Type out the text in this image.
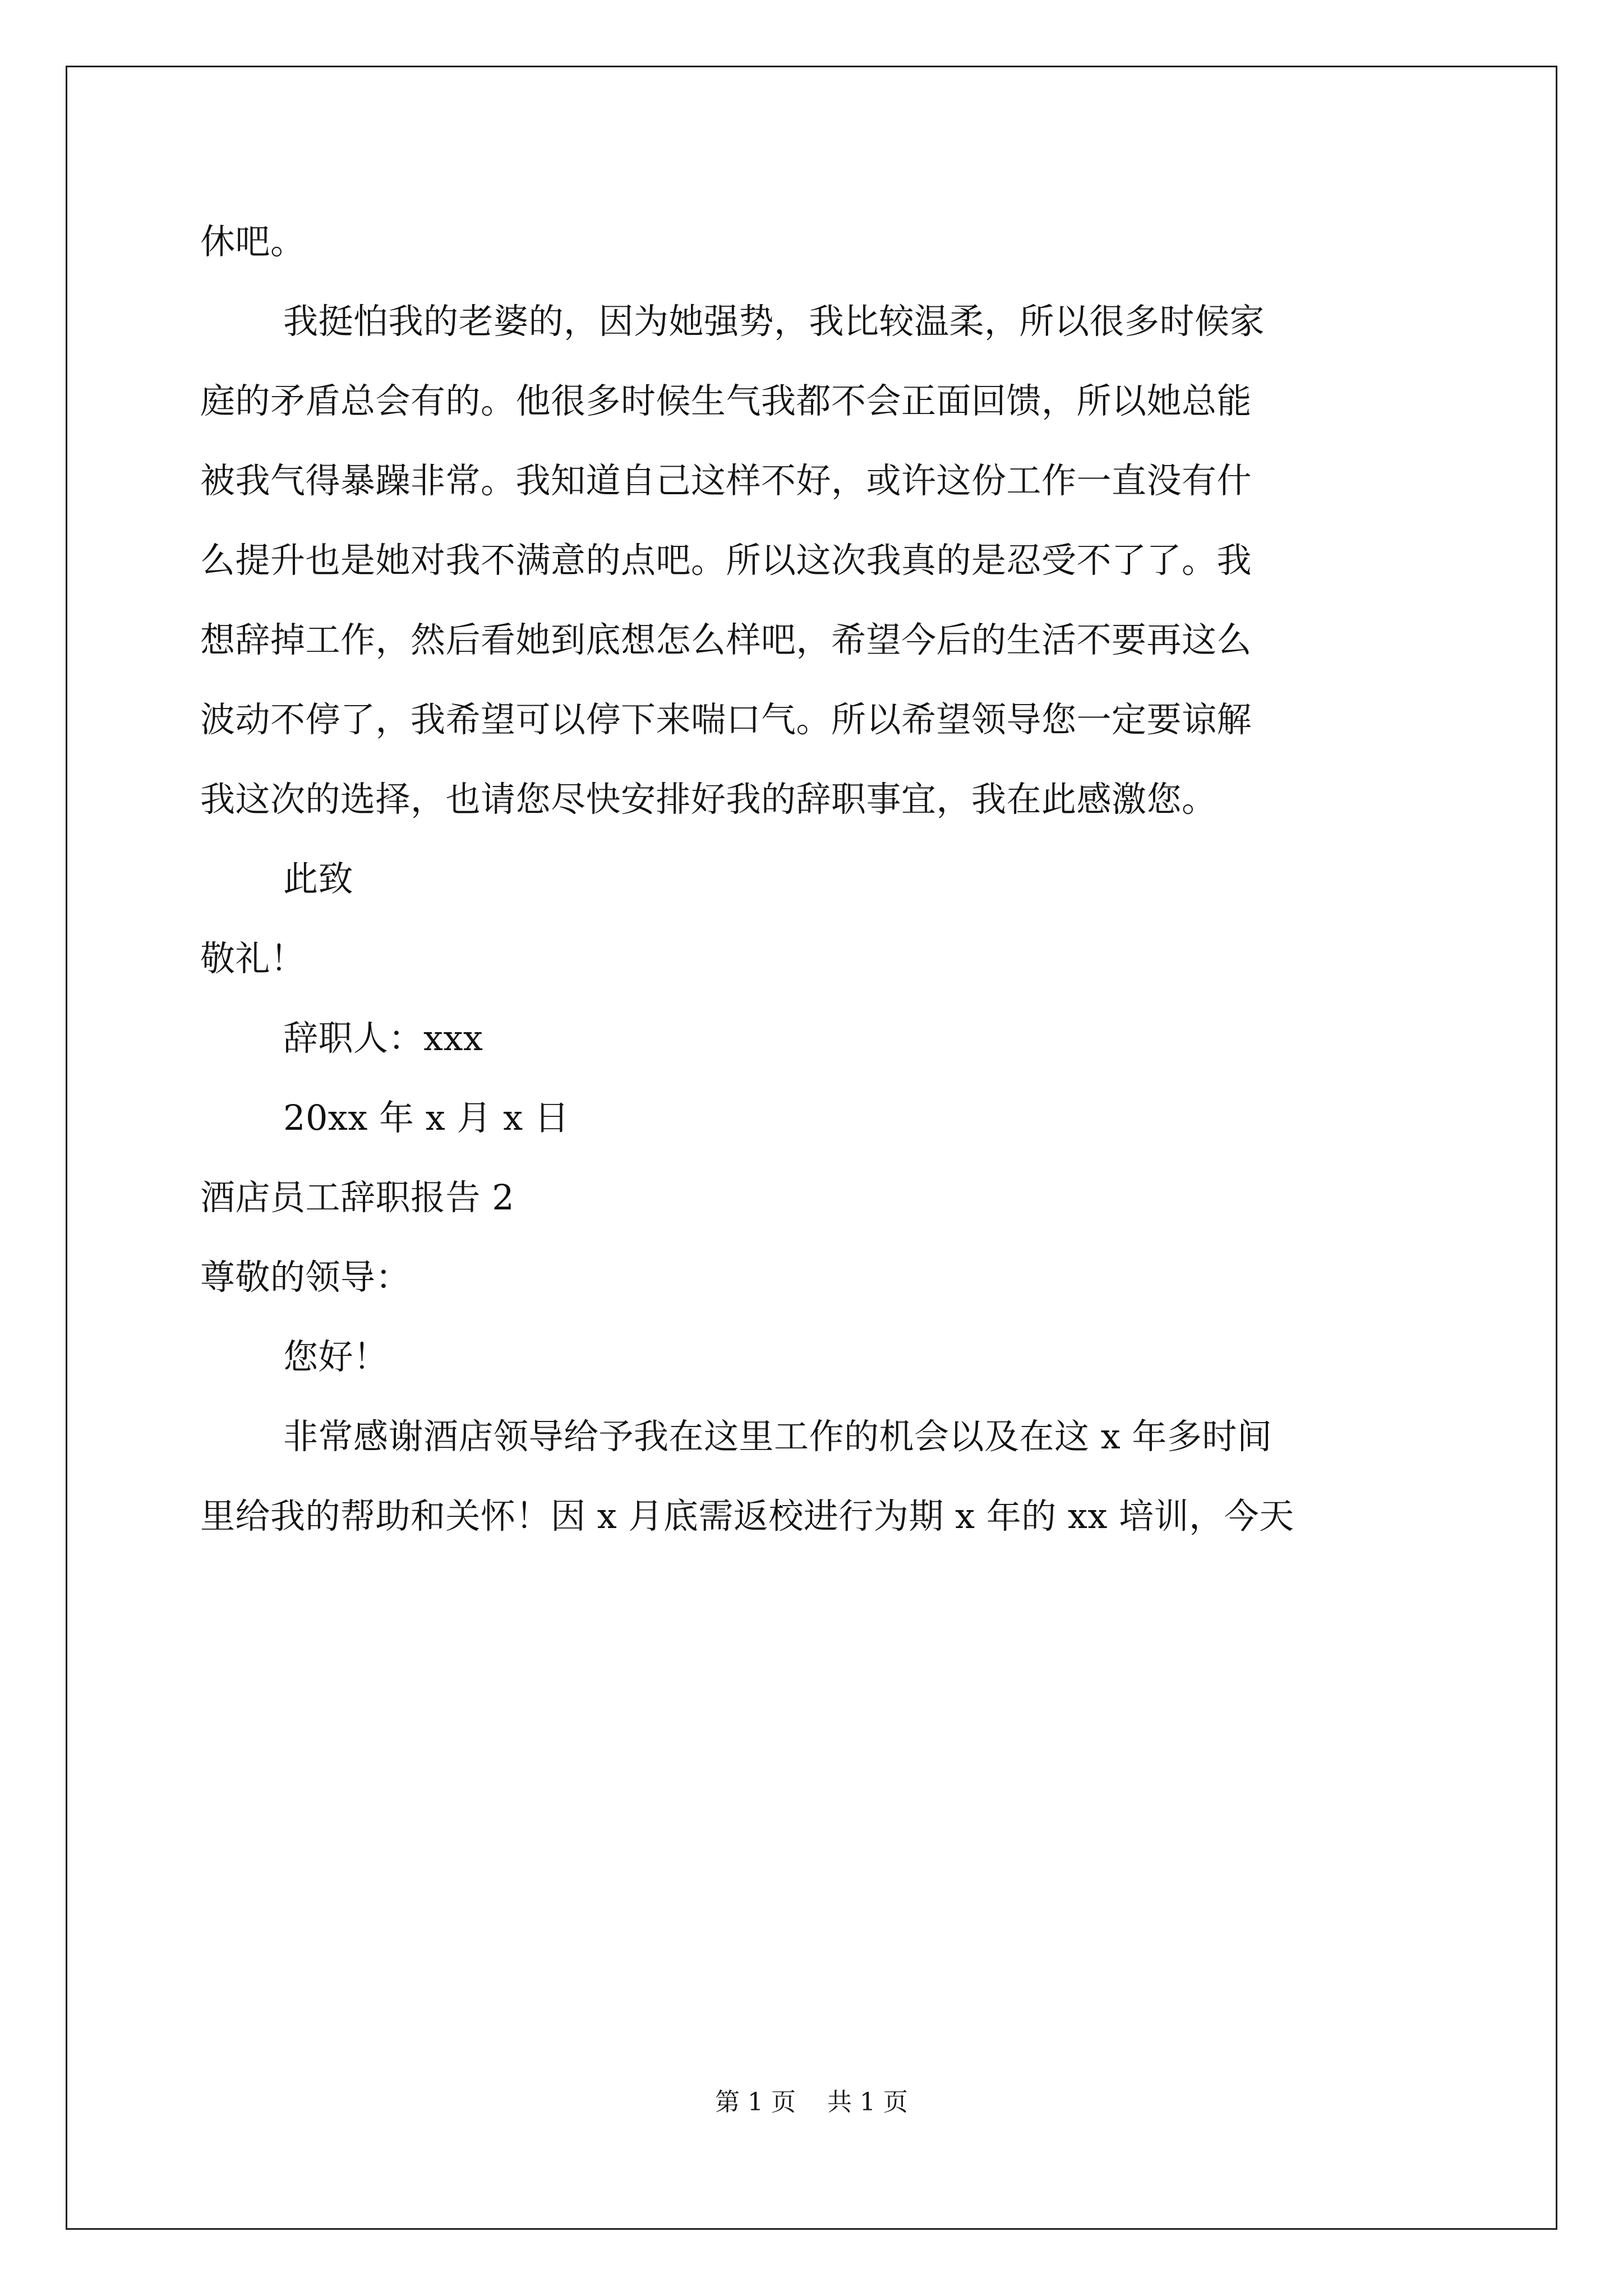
休吧。
我挺怕我的老婆的，因为她强势，我比较温柔，所以很多时候家
庭的矛盾总会有的。他很多时候生气我都不会正面回馈，所以她总能
被我气得暴躁非常。我知道自己这样不好，或许这份工作一直没有什
么提升也是她对我不满意的点吧。所以这次我真的是忍受不了了。我
想辞掉工作，然后看她到底想怎么样吧，希望今后的生活不要再这么
波动不停了，我希望可以停下来喘口气。所以希望领导您一定要谅解
我这次的选择，也请您尽快安排好我的辞职事宜，我在此感激您。
此致
敬礼！
辞职人：xxx
20xx 年 x 月 x 日
酒店员工辞职报告 2
尊敬的领导：
您好！
非常感谢酒店领导给予我在这里工作的机会以及在这 x 年多时间
里给我的帮助和关怀！因 x 月底需返校进行为期 x 年的 xx 培训，今天
第 1 页    共 1 页
